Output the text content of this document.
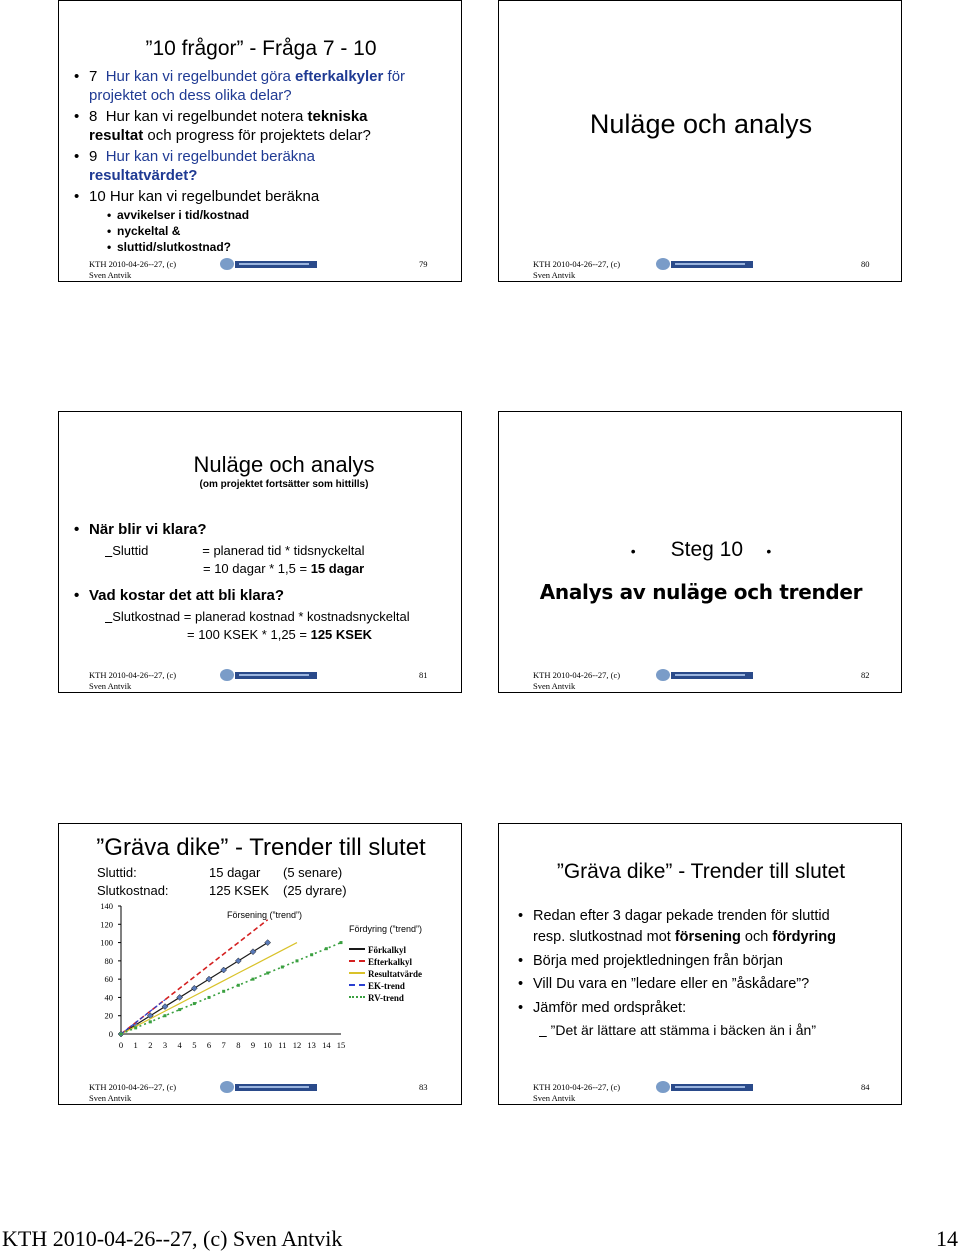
”10 frågor” - Fråga 7 - 10
• 7 Hur kan vi regelbundet göra efterkalkyler för
projektet och dess olika delar?
• 8 Hur kan vi regelbundet notera tekniska
resultat och progress för projektets delar?
• 9 Hur kan vi regelbundet beräkna
resultatvärdet?
• 10 Hur kan vi regelbundet beräkna
• avvikelser i tid/kostnad
• nyckeltal &
• sluttid/slutkostnad?
KTH 2010-04-26--27, (c)
Sven Antvik
79
Nuläge och analys
KTH 2010-04-26--27, (c)
Sven Antvik
80
Nuläge och analys
(om projektet fortsätter som hittills)
• När blir vi klara?
Sluttid	= planerad tid * tidsnyckeltal
= 10 dagar * 1,5 = 15 dagar
• Vad kostar det att bli klara?
Slutkostnad = planerad kostnad * kostnadsnyckeltal
= 100 KSEK * 1,25 = 125 KSEK
KTH 2010-04-26--27, (c)
Sven Antvik
81
• Steg 10 •
Analys av nuläge och trender
KTH 2010-04-26--27, (c)
Sven Antvik
82
”Gräva dike” - Trender till slutet
Sluttid:	15 dagar (5 senare)
Slutkostnad:	125 KSEK (25 dyrare)
0
20
40
60
80
100
120
140
0 1 2 3 4 5 6 7 8 9 10 11 12 13 14 15
Försening (”trend”)
Fördyring (”trend”)
Förkalkyl
Efterkalkyl
Resultatvärde
EK-trend
RV-trend
KTH 2010-04-26--27, (c)
Sven Antvik
83
”Gräva dike” - Trender till slutet
• Redan efter 3 dagar pekade trenden för sluttid
resp. slutkostnad mot försening och fördyring
• Börja med projektledningen från början
• Vill Du vara en ”ledare eller en ”åskådare”?
• Jämför med ordspråket:
”Det är lättare att stämma i bäcken än i ån”
KTH 2010-04-26--27, (c)
Sven Antvik
84
KTH 2010-04-26--27, (c) Sven Antvik	14
